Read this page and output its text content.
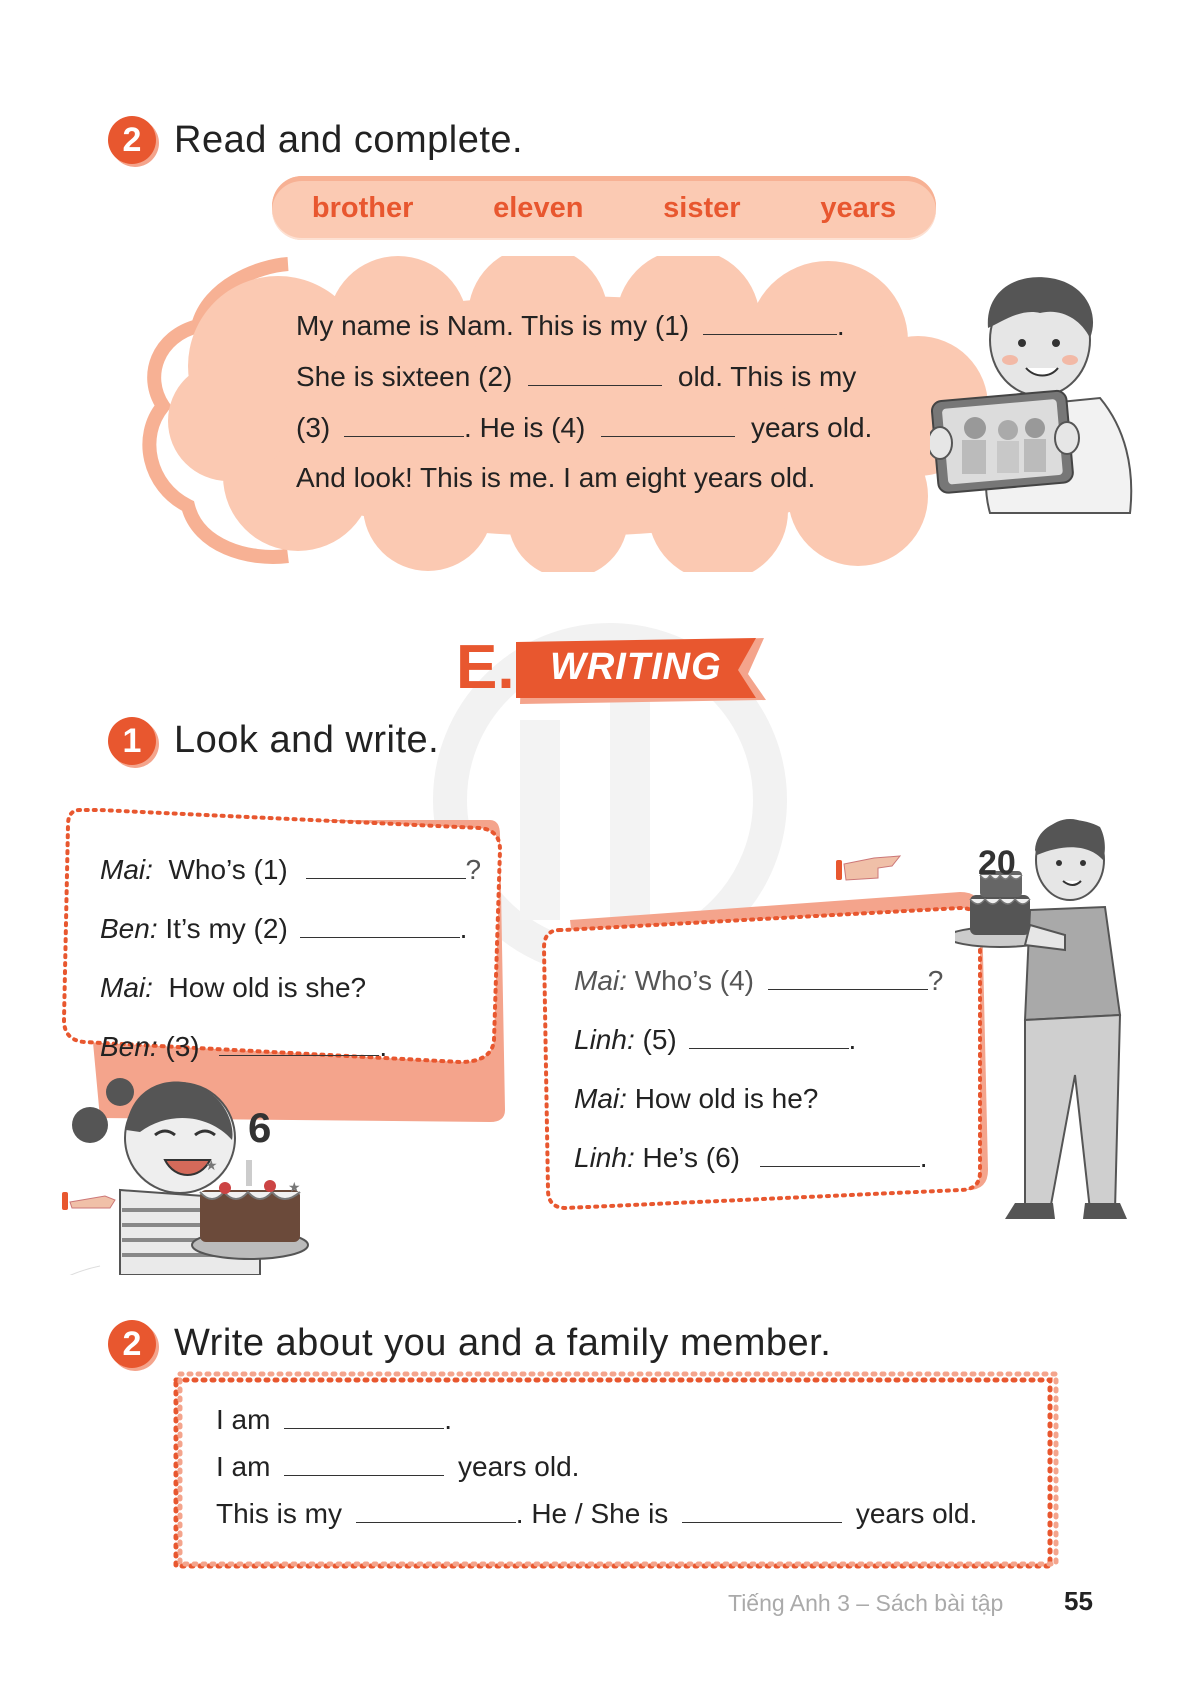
2 Read and complete.
brother	eleven	sister	years
My name is Nam. This is my (1)	.
She is sixteen (2)	old. This is my
(3)	. He is (4)	years old.
And look! This is me. I am eight years old.
E. WRITING
1 Look and write.
Mai: Who’s (1)	?
Ben: It’s my (2)	.
Mai: How old is she?
Ben: (3)	.
★
★
6
Mai: Who’s (4)	?
Linh: (5)	.
Mai: How old is he?
Linh: He’s (6)	.
20
2 Write about you and a family member.
I am	.
I am	years old.
This is my	. He / She is	years old.
Tiếng Anh 3 – Sách bài tập 55
